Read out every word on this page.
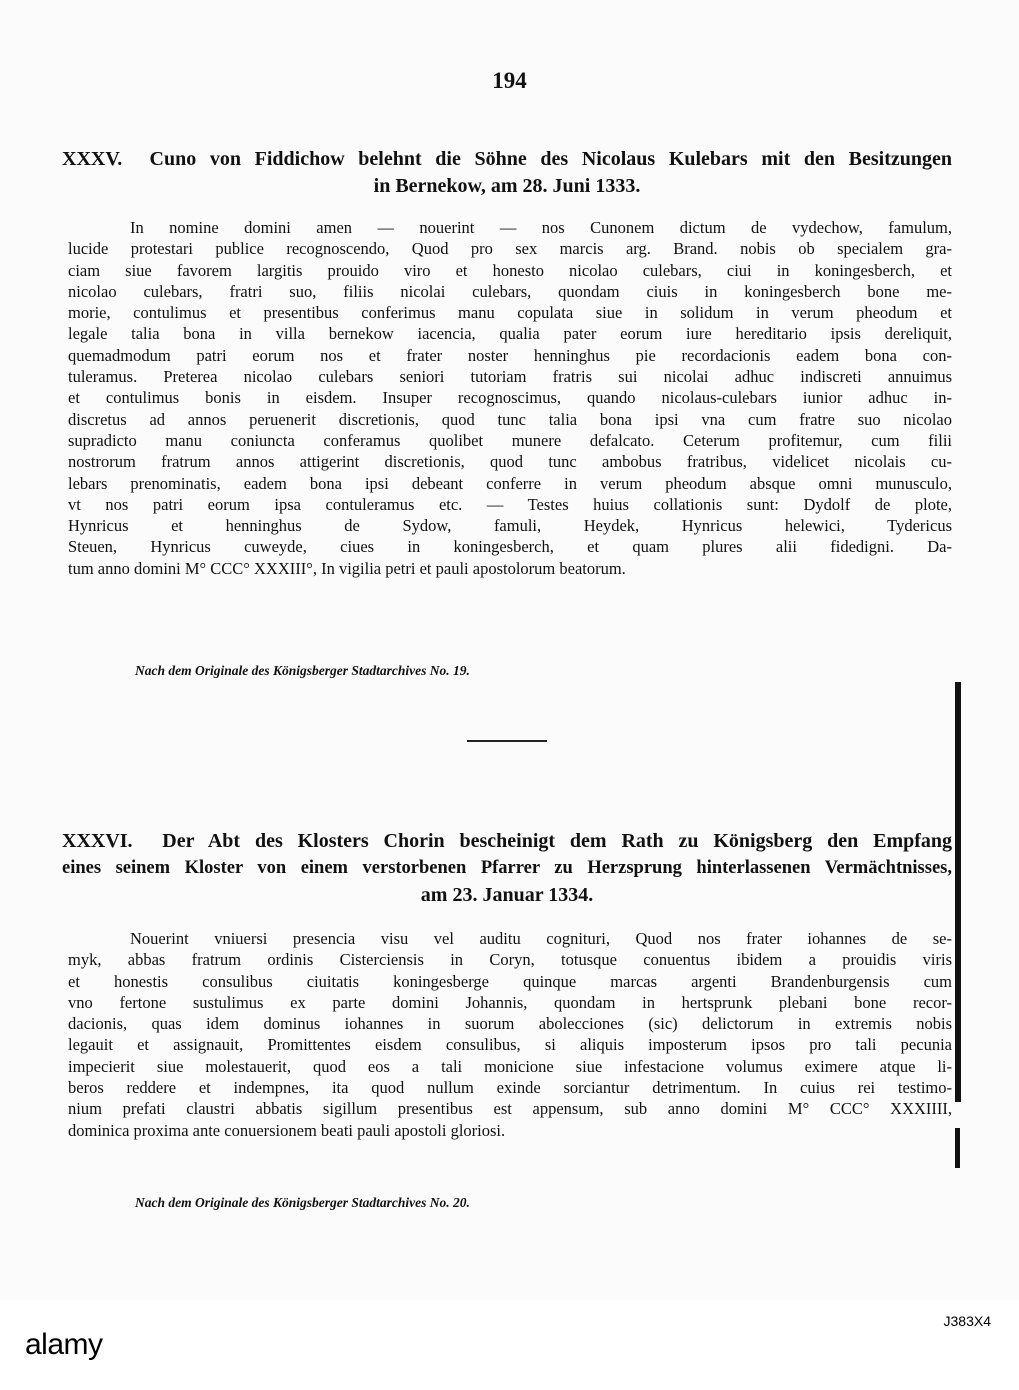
194
XXXV. Cuno von Fiddichow belehnt die Söhne des Nicolaus Kulebars mit den Besitzungen
in Bernekow, am 28. Juni 1333.
In nomine domini amen — nouerint — nos Cunonem dictum de vydechow, famulum,
lucide protestari publice recognoscendo, Quod pro sex marcis arg. Brand. nobis ob specialem gra-
ciam siue favorem largitis prouido viro et honesto nicolao culebars, ciui in koningesberch, et
nicolao culebars, fratri suo, filiis nicolai culebars, quondam ciuis in koningesberch bone me-
morie, contulimus et presentibus conferimus manu copulata siue in solidum in verum pheodum et
legale talia bona in villa bernekow iacencia, qualia pater eorum iure hereditario ipsis dereliquit,
quemadmodum patri eorum nos et frater noster henninghus pie recordacionis eadem bona con-
tuleramus. Preterea nicolao culebars seniori tutoriam fratris sui nicolai adhuc indiscreti annuimus
et contulimus bonis in eisdem. Insuper recognoscimus, quando nicolaus-culebars iunior adhuc in-
discretus ad annos peruenerit discretionis, quod tunc talia bona ipsi vna cum fratre suo nicolao
supradicto manu coniuncta conferamus quolibet munere defalcato. Ceterum profitemur, cum filii
nostrorum fratrum annos attigerint discretionis, quod tunc ambobus fratribus, videlicet nicolais cu-
lebars prenominatis, eadem bona ipsi debeant conferre in verum pheodum absque omni munusculo,
vt nos patri eorum ipsa contuleramus etc. — Testes huius collationis sunt: Dydolf de plote,
Hynricus et henninghus de Sydow, famuli, Heydek, Hynricus helewici, Tydericus
Steuen, Hynricus cuweyde, ciues in koningesberch, et quam plures alii fidedigni. Da-
tum anno domini M° CCC° XXXIII°, In vigilia petri et pauli apostolorum beatorum.
Nach dem Originale des Königsberger Stadtarchives No. 19.
XXXVI. Der Abt des Klosters Chorin bescheinigt dem Rath zu Königsberg den Empfang
eines seinem Kloster von einem verstorbenen Pfarrer zu Herzsprung hinterlassenen Vermächtnisses,
am 23. Januar 1334.
Nouerint vniuersi presencia visu vel auditu cognituri, Quod nos frater iohannes de se-
myk, abbas fratrum ordinis Cisterciensis in Coryn, totusque conuentus ibidem a prouidis viris
et honestis consulibus ciuitatis koningesberge quinque marcas argenti Brandenburgensis cum
vno fertone sustulimus ex parte domini Johannis, quondam in hertsprunk plebani bone recor-
dacionis, quas idem dominus iohannes in suorum abolecciones (sic) delictorum in extremis nobis
legauit et assignauit, Promittentes eisdem consulibus, si aliquis imposterum ipsos pro tali pecunia
impecierit siue molestauerit, quod eos a tali monicione siue infestacione volumus eximere atque li-
beros reddere et indempnes, ita quod nullum exinde sorciantur detrimentum. In cuius rei testimo-
nium prefati claustri abbatis sigillum presentibus est appensum, sub anno domini M° CCC° XXXIIII,
dominica proxima ante conuersionem beati pauli apostoli gloriosi.
Nach dem Originale des Königsberger Stadtarchives No. 20.
alamy
J383X4
